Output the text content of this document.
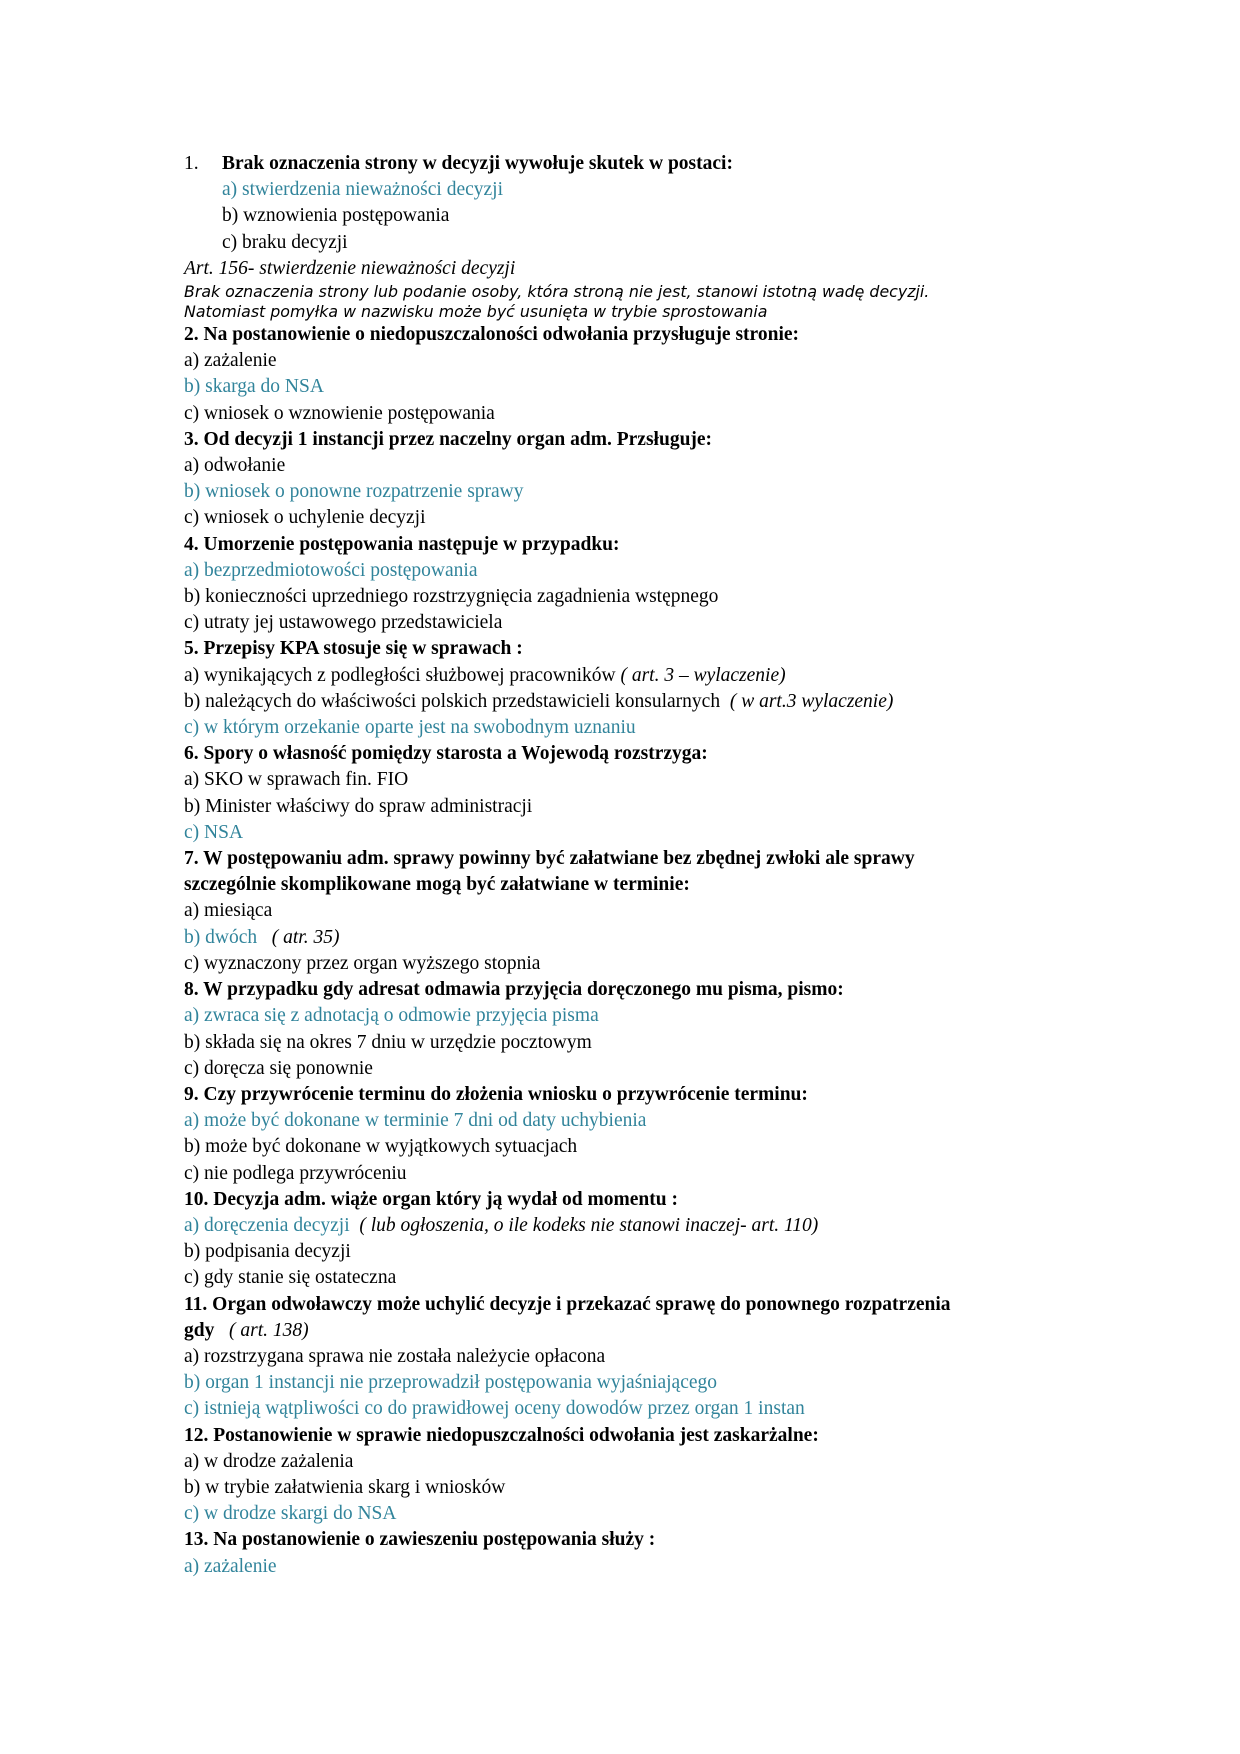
1. Brak oznaczenia strony w decyzji wywołuje skutek w postaci:
a) stwierdzenia nieważności decyzji
b) wznowienia postępowania
c) braku decyzji
Art. 156- stwierdzenie nieważności decyzji
Brak oznaczenia strony lub podanie osoby, która stroną nie jest, stanowi istotną wadę decyzji.
Natomiast pomyłka w nazwisku może być usunięta w trybie sprostowania
2. Na postanowienie o niedopuszczaloności odwołania przysługuje stronie:
a) zażalenie
b) skarga do NSA
c) wniosek o wznowienie postępowania
3. Od decyzji 1 instancji przez naczelny organ adm. Przsługuje:
a) odwołanie
b) wniosek o ponowne rozpatrzenie sprawy
c) wniosek o uchylenie decyzji
4. Umorzenie postępowania następuje w przypadku:
a) bezprzedmiotowości postępowania
b) konieczności uprzedniego rozstrzygnięcia zagadnienia wstępnego
c) utraty jej ustawowego przedstawiciela
5. Przepisy KPA stosuje się w sprawach :
a) wynikających z podległości służbowej pracowników ( art. 3 – wylaczenie)
b) należących do właściwości polskich przedstawicieli konsularnych ( w art.3 wylaczenie)
c) w którym orzekanie oparte jest na swobodnym uznaniu
6. Spory o własność pomiędzy starosta a Wojewodą rozstrzyga:
a) SKO w sprawach fin. FIO
b) Minister właściwy do spraw administracji
c) NSA
7. W postępowaniu adm. sprawy powinny być załatwiane bez zbędnej zwłoki ale sprawy
szczególnie skomplikowane mogą być załatwiane w terminie:
a) miesiąca
b) dwóch ( atr. 35)
c) wyznaczony przez organ wyższego stopnia
8. W przypadku gdy adresat odmawia przyjęcia doręczonego mu pisma, pismo:
a) zwraca się z adnotacją o odmowie przyjęcia pisma
b) składa się na okres 7 dniu w urzędzie pocztowym
c) doręcza się ponownie
9. Czy przywrócenie terminu do złożenia wniosku o przywrócenie terminu:
a) może być dokonane w terminie 7 dni od daty uchybienia
b) może być dokonane w wyjątkowych sytuacjach
c) nie podlega przywróceniu
10. Decyzja adm. wiąże organ który ją wydał od momentu :
a) doręczenia decyzji ( lub ogłoszenia, o ile kodeks nie stanowi inaczej- art. 110)
b) podpisania decyzji
c) gdy stanie się ostateczna
11. Organ odwoławczy może uchylić decyzje i przekazać sprawę do ponownego rozpatrzenia
gdy ( art. 138)
a) rozstrzygana sprawa nie została należycie opłacona
b) organ 1 instancji nie przeprowadził postępowania wyjaśniającego
c) istnieją wątpliwości co do prawidłowej oceny dowodów przez organ 1 instan
12. Postanowienie w sprawie niedopuszczalności odwołania jest zaskarżalne:
a) w drodze zażalenia
b) w trybie załatwienia skarg i wniosków
c) w drodze skargi do NSA
13. Na postanowienie o zawieszeniu postępowania służy :
a) zażalenie
